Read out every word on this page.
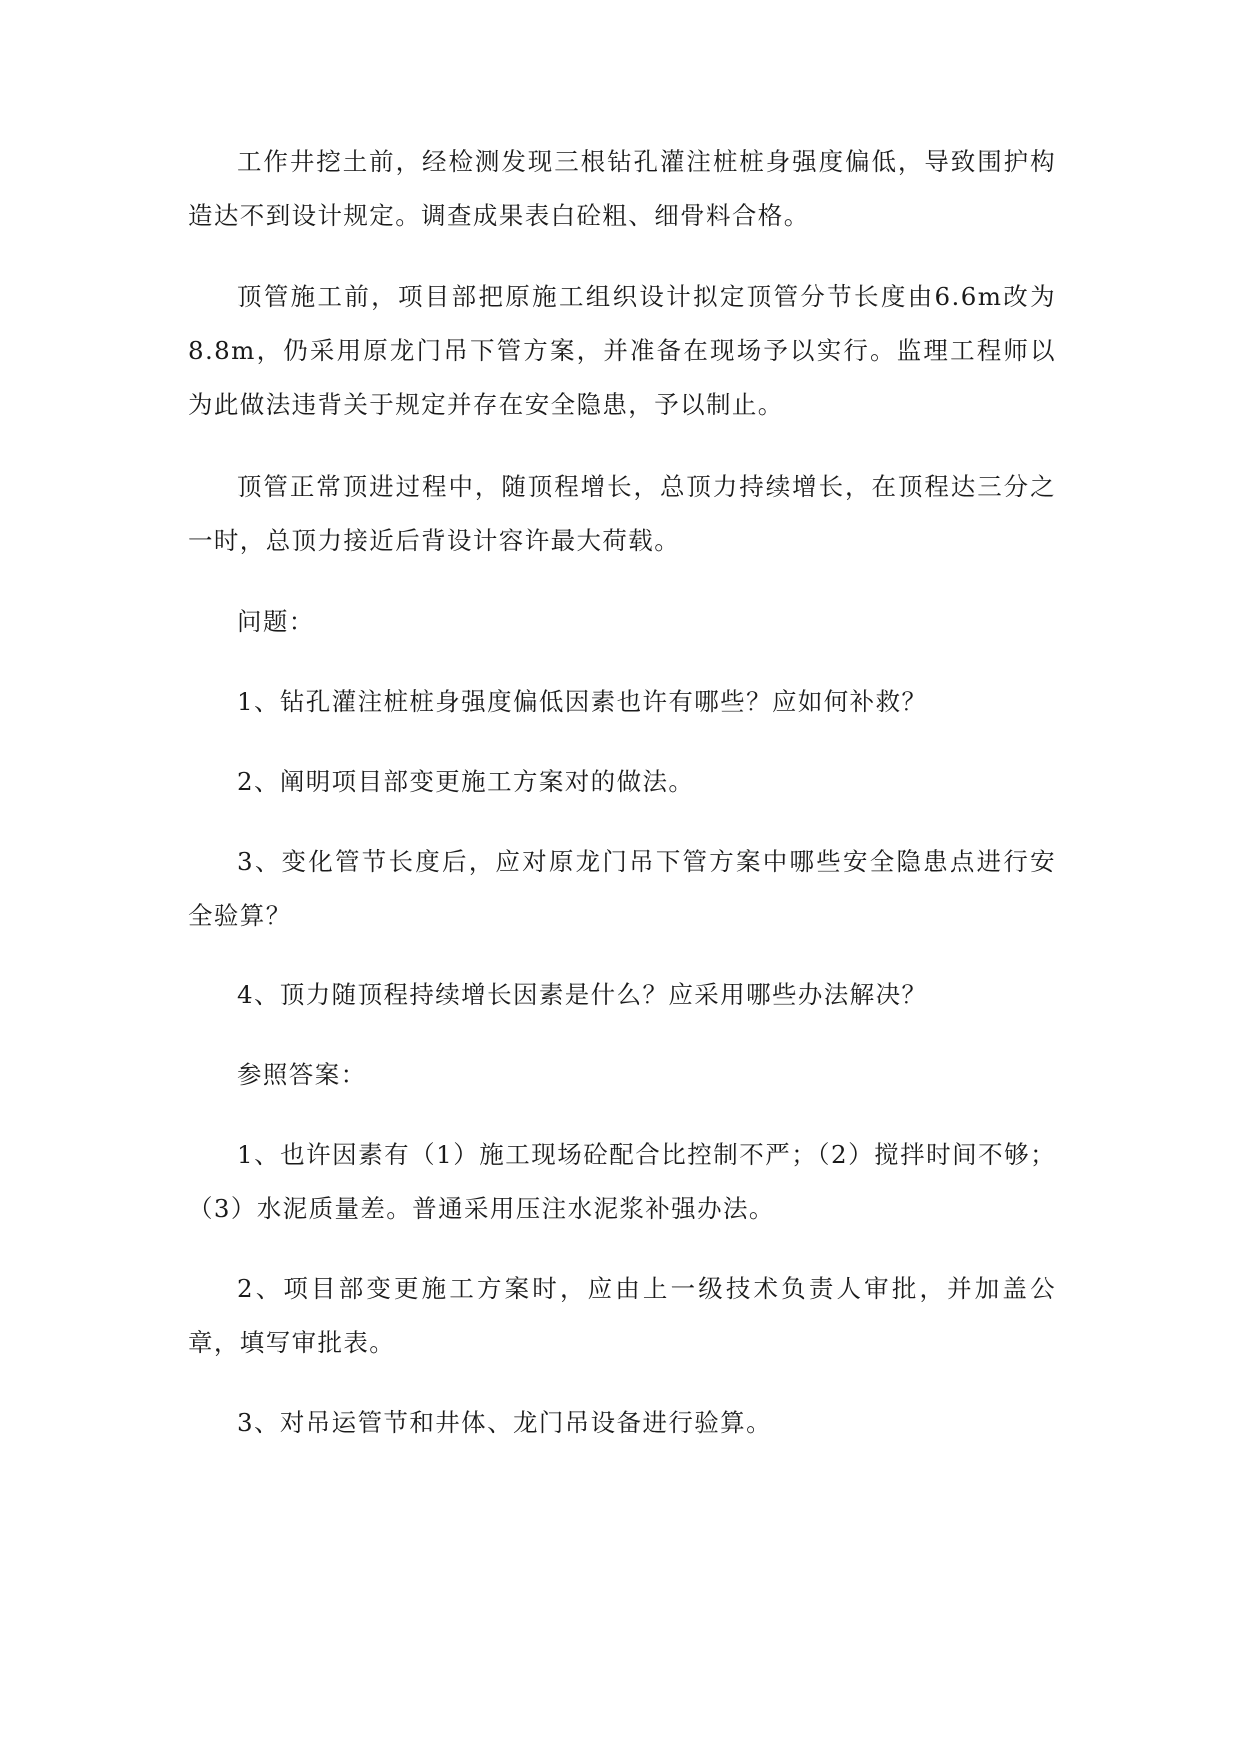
工作井挖土前，经检测发现三根钻孔灌注桩桩身强度偏低，导致围护构造达不到设计规定。调查成果表白砼粗、细骨料合格。

顶管施工前，项目部把原施工组织设计拟定顶管分节长度由6.6m改为8.8m，仍采用原龙门吊下管方案，并准备在现场予以实行。监理工程师以为此做法违背关于规定并存在安全隐患，予以制止。

顶管正常顶进过程中，随顶程增长，总顶力持续增长，在顶程达三分之一时，总顶力接近后背设计容许最大荷载。

问题：

1、钻孔灌注桩桩身强度偏低因素也许有哪些？应如何补救？

2、阐明项目部变更施工方案对的做法。

3、变化管节长度后，应对原龙门吊下管方案中哪些安全隐患点进行安全验算？

4、顶力随顶程持续增长因素是什么？应采用哪些办法解决？

参照答案：

1、也许因素有（1）施工现场砼配合比控制不严；（2）搅拌时间不够；（3）水泥质量差。普通采用压注水泥浆补强办法。

2、项目部变更施工方案时，应由上一级技术负责人审批，并加盖公章，填写审批表。

3、对吊运管节和井体、龙门吊设备进行验算。
